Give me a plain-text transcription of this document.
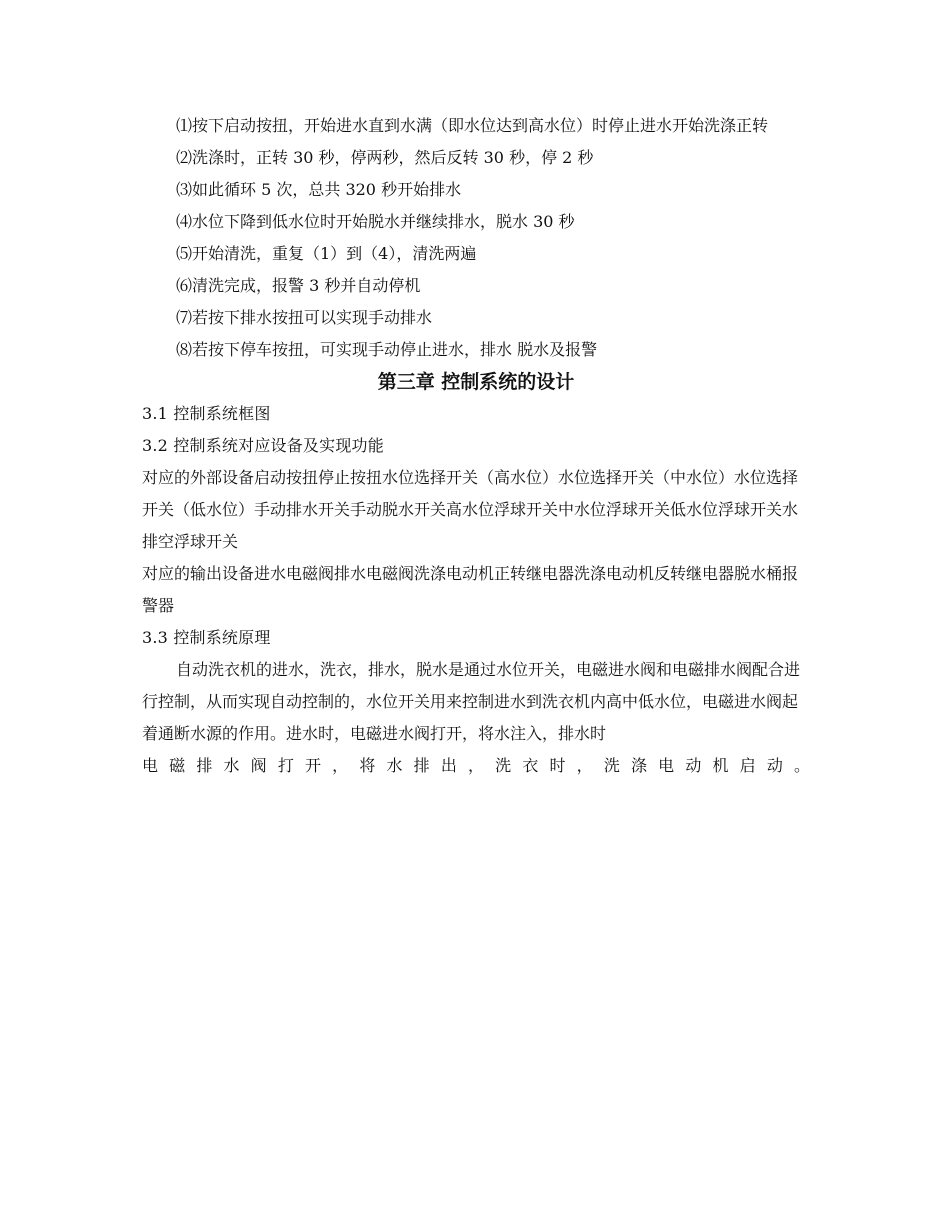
⑴按下启动按扭，开始进水直到水满（即水位达到高水位）时停止进水开始洗涤正转

⑵洗涤时，正转 30 秒，停两秒，然后反转 30 秒，停 2 秒

⑶如此循环 5 次，总共 320 秒开始排水

⑷水位下降到低水位时开始脱水并继续排水，脱水 30 秒

⑸开始清洗，重复（1）到（4），清洗两遍

⑹清洗完成，报警 3 秒并自动停机

⑺若按下排水按扭可以实现手动排水

⑻若按下停车按扭，可实现手动停止进水，排水 脱水及报警

第三章 控制系统的设计

3.1 控制系统框图

3.2 控制系统对应设备及实现功能

对应的外部设备启动按扭停止按扭水位选择开关（高水位）水位选择开关（中水位）水位选择开关（低水位）手动排水开关手动脱水开关高水位浮球开关中水位浮球开关低水位浮球开关水排空浮球开关

对应的输出设备进水电磁阀排水电磁阀洗涤电动机正转继电器洗涤电动机反转继电器脱水桶报警器

3.3 控制系统原理

自动洗衣机的进水，洗衣，排水，脱水是通过水位开关，电磁进水阀和电磁排水阀配合进行控制，从而实现自动控制的，水位开关用来控制进水到洗衣机内高中低水位，电磁进水阀起着通断水源的作用。进水时，电磁进水阀打开，将水注入，排水时

电磁排水阀打开，将水排出，洗衣时，洗涤电动机启动。
